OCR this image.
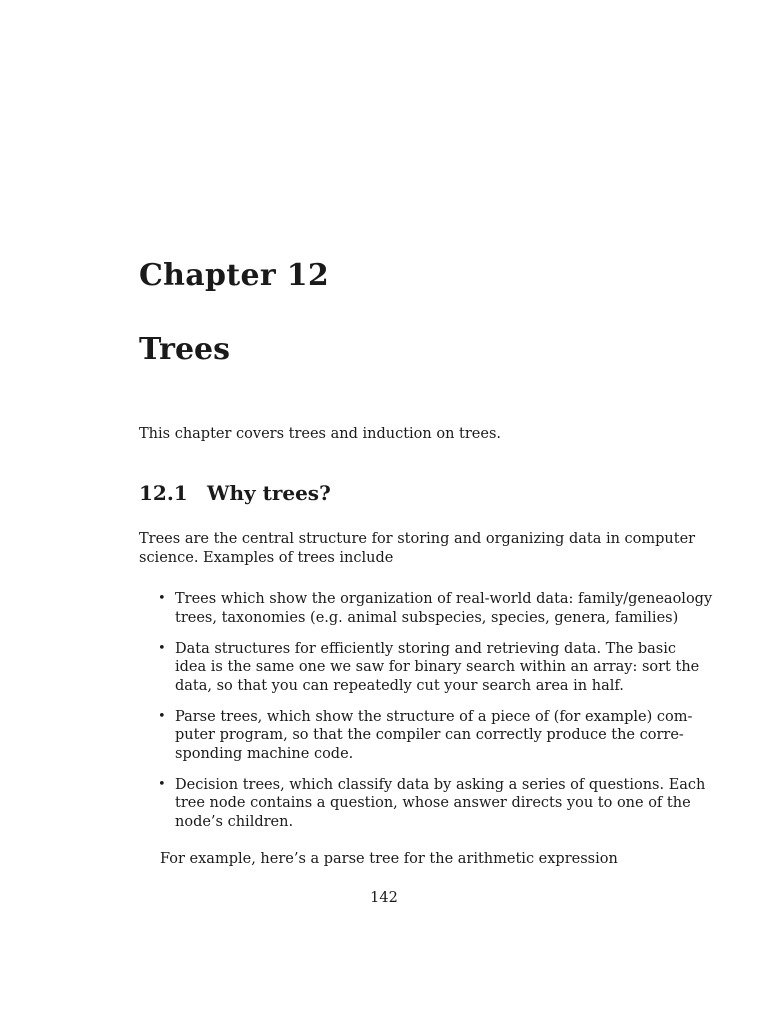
Chapter 12
Trees

This chapter covers trees and induction on trees.

12.1 Why trees?

Trees are the central structure for storing and organizing data in computer
science. Examples of trees include

• Trees which show the organization of real-world data: family/geneaology
trees, taxonomies (e.g. animal subspecies, species, genera, families)
• Data structures for efficiently storing and retrieving data. The basic
idea is the same one we saw for binary search within an array: sort the
data, so that you can repeatedly cut your search area in half.
• Parse trees, which show the structure of a piece of (for example) com-
puter program, so that the compiler can correctly produce the corre-
sponding machine code.
• Decision trees, which classify data by asking a series of questions. Each
tree node contains a question, whose answer directs you to one of the
node’s children.

For example, here’s a parse tree for the arithmetic expression

142
